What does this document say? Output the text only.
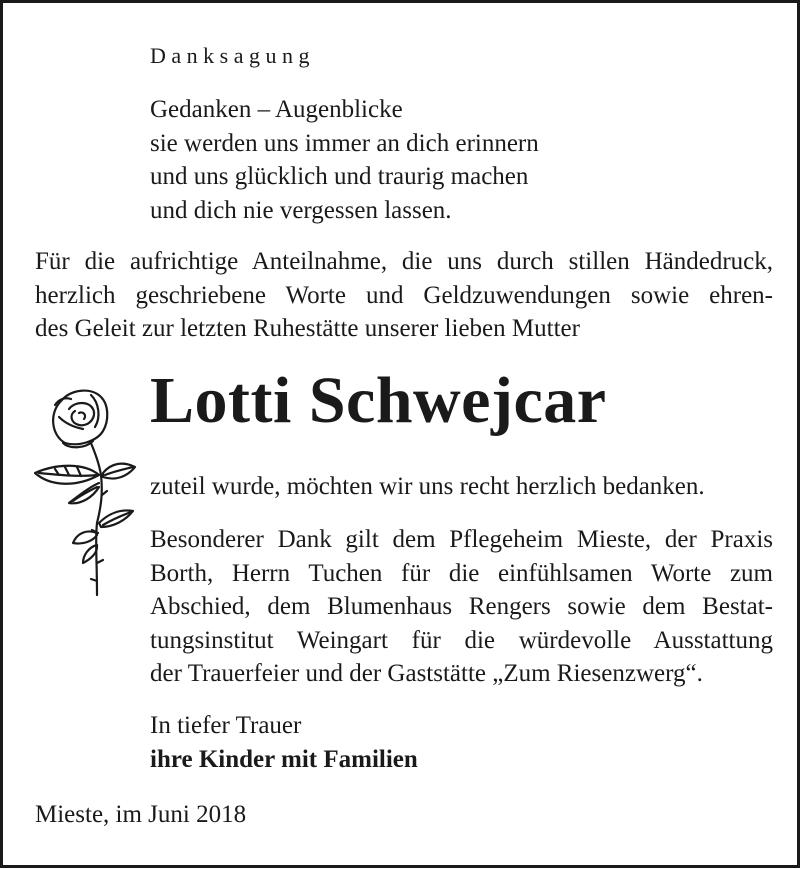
Danksagung
Gedanken – Augenblicke
sie werden uns immer an dich erinnern
und uns glücklich und traurig machen
und dich nie vergessen lassen.
Für die aufrichtige Anteilnahme, die uns durch stillen Händedruck,
herzlich geschriebene Worte und Geldzuwendungen sowie ehren-
des Geleit zur letzten Ruhestätte unserer lieben Mutter
Lotti Schwejcar
zuteil wurde, möchten wir uns recht herzlich bedanken.
Besonderer Dank gilt dem Pflegeheim Mieste, der Praxis
Borth, Herrn Tuchen für die einfühlsamen Worte zum
Abschied, dem Blumenhaus Rengers sowie dem Bestat-
tungsinstitut Weingart für die würdevolle Ausstattung
der Trauerfeier und der Gaststätte „Zum Riesenzwerg“.
In tiefer Trauer
ihre Kinder mit Familien
Mieste, im Juni 2018
